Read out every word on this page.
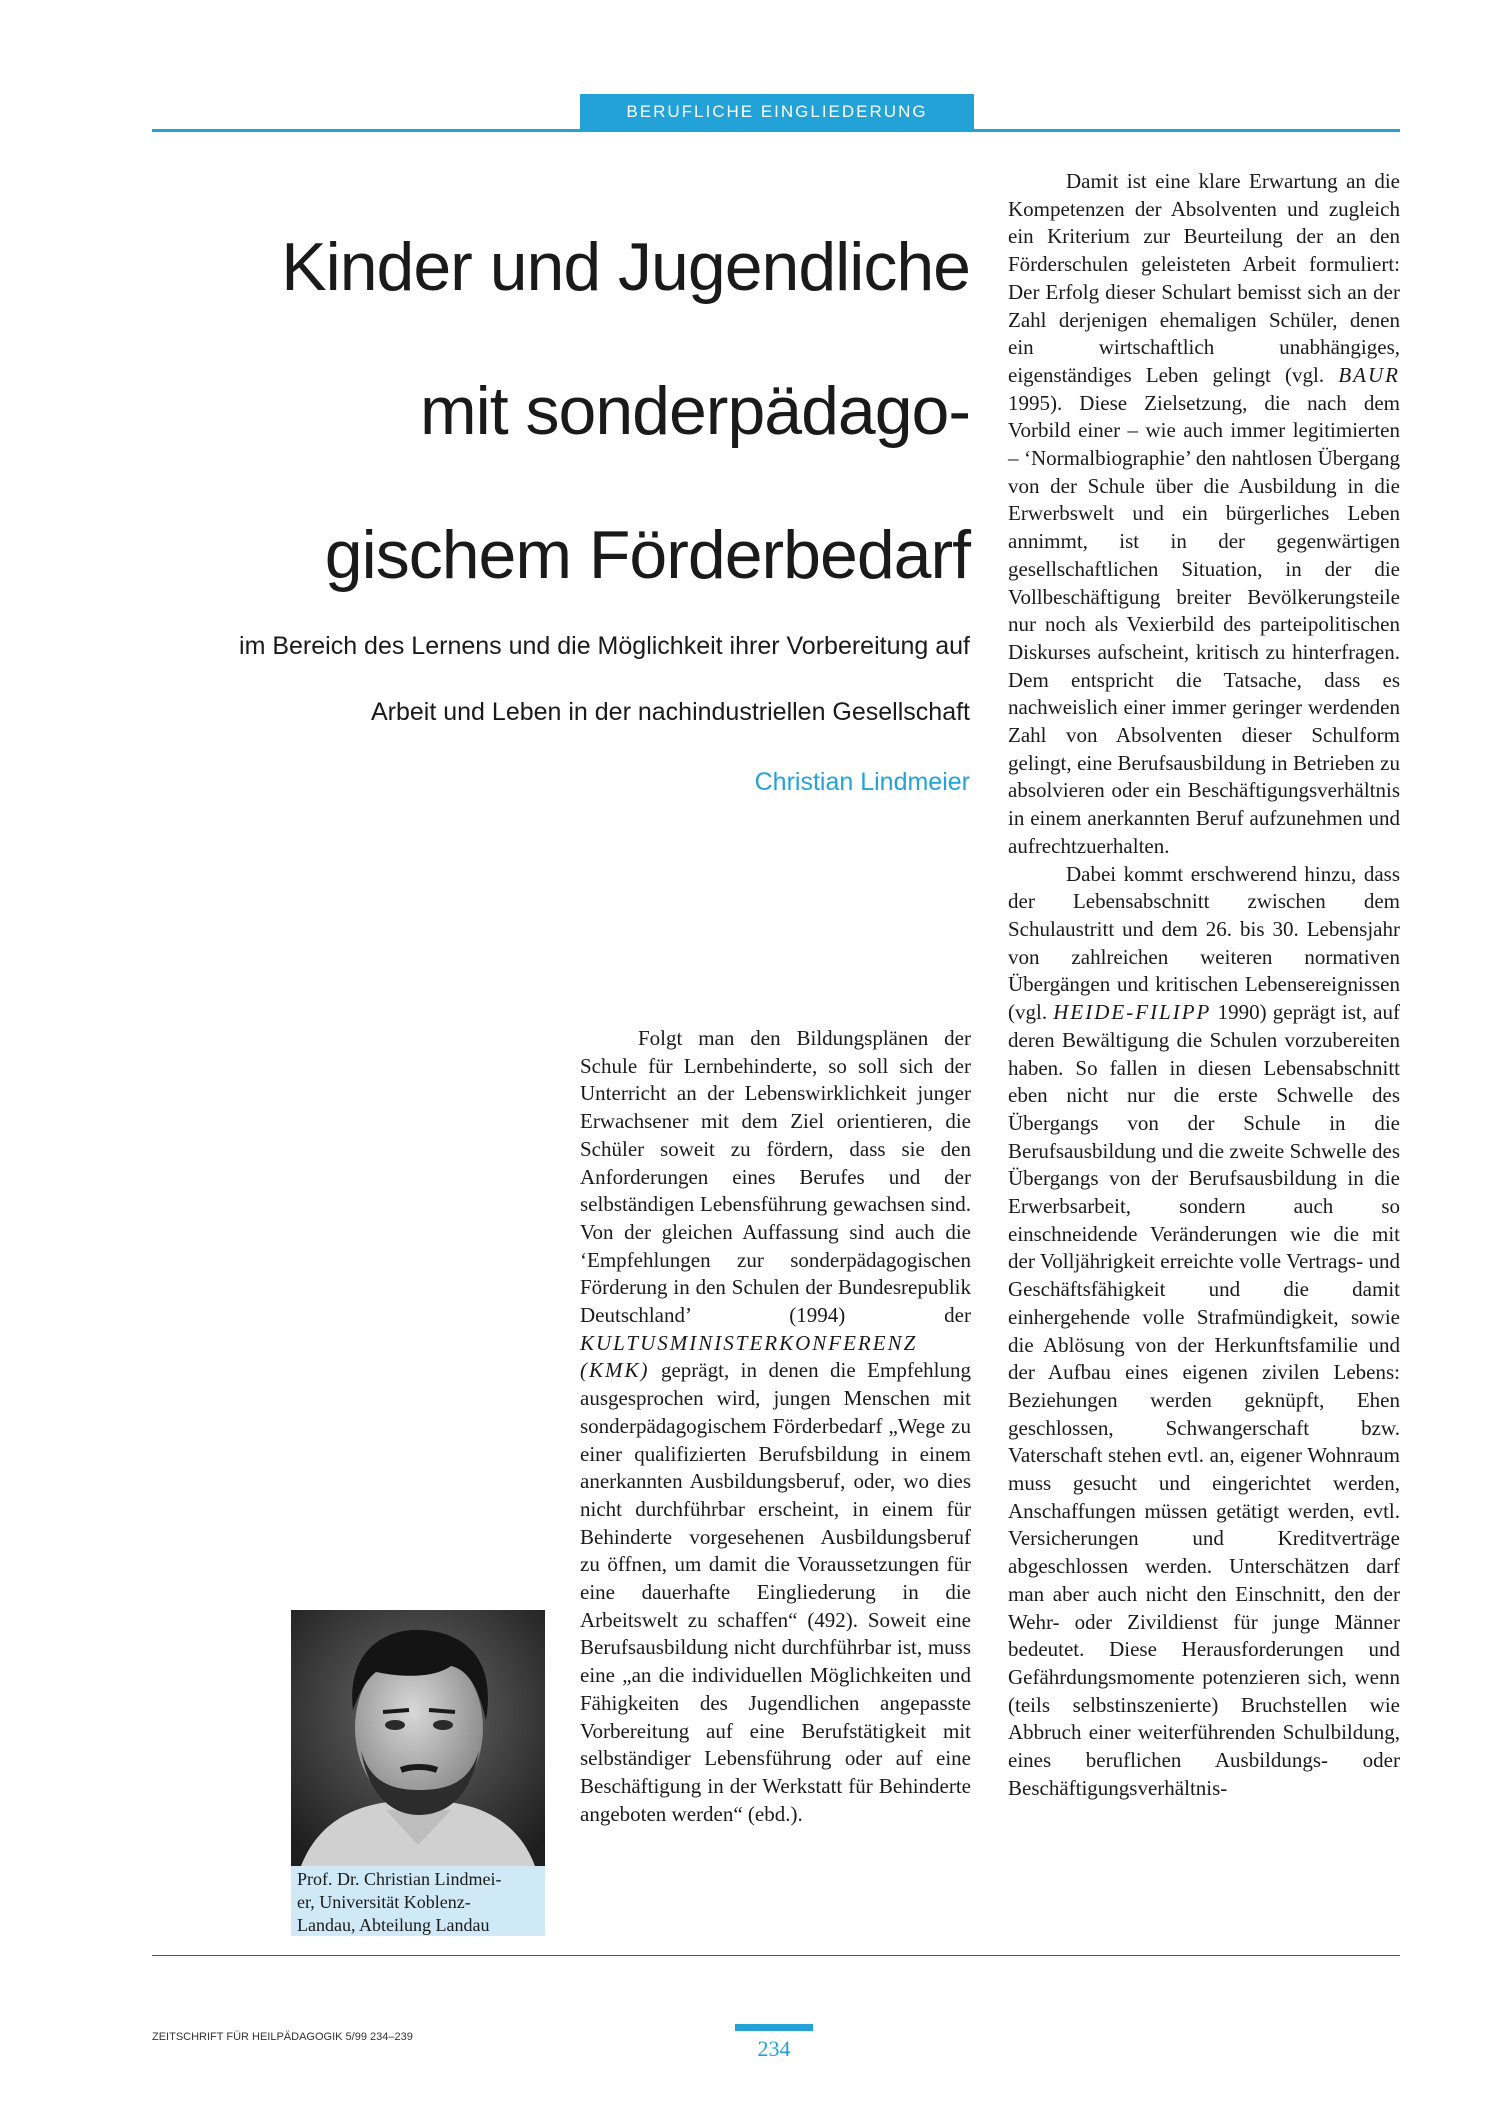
BERUFLICHE EINGLIEDERUNG
Kinder und Jugendliche
mit sonderpädago-
gischem Förderbedarf

im Bereich des Lernens und die Möglichkeit ihrer Vorbereitung auf
Arbeit und Leben in der nachindustriellen Gesellschaft

Christian Lindmeier
Prof. Dr. Christian Lindmei-
er, Universität Koblenz-
Landau, Abteilung Landau

Folgt man den Bildungsplänen der Schule für Lernbehinderte, so soll sich der Unterricht an der Lebenswirklichkeit junger Erwachsener mit dem Ziel orientieren, die Schüler soweit zu fördern, dass sie den Anforderungen eines Berufes und der selbständigen Lebensführung gewachsen sind. Von der gleichen Auffassung sind auch die ‘Empfehlungen zur sonderpädagogischen Förderung in den Schulen der Bundesrepublik Deutschland’ (1994) der KULTUSMINISTERKONFERENZ (KMK) geprägt, in denen die Empfehlung ausgesprochen wird, jungen Menschen mit sonderpädagogischem Förderbedarf „Wege zu einer qualifizierten Berufsbildung in einem anerkannten Ausbildungsberuf, oder, wo dies nicht durchführbar erscheint, in einem für Behinderte vorgesehenen Ausbildungsberuf zu öffnen, um damit die Voraussetzungen für eine dauerhafte Eingliederung in die Arbeitswelt zu schaffen“ (492). Soweit eine Berufsausbildung nicht durchführbar ist, muss eine „an die individuellen Möglichkeiten und Fähigkeiten des Jugendlichen angepasste Vorbereitung auf eine Berufstätigkeit mit selbständiger Lebensführung oder auf eine Beschäftigung in der Werkstatt für Behinderte angeboten werden“ (ebd.).

Damit ist eine klare Erwartung an die Kompetenzen der Absolventen und zugleich ein Kriterium zur Beurteilung der an den Förderschulen geleisteten Arbeit formuliert: Der Erfolg dieser Schulart bemisst sich an der Zahl derjenigen ehemaligen Schüler, denen ein wirtschaftlich unabhängiges, eigenständiges Leben gelingt (vgl. BAUR 1995). Diese Zielsetzung, die nach dem Vorbild einer – wie auch immer legitimierten – ‘Normalbiographie’ den nahtlosen Übergang von der Schule über die Ausbildung in die Erwerbswelt und ein bürgerliches Leben annimmt, ist in der gegenwärtigen gesellschaftlichen Situation, in der die Vollbeschäftigung breiter Bevölkerungsteile nur noch als Vexierbild des parteipolitischen Diskurses aufscheint, kritisch zu hinterfragen. Dem entspricht die Tatsache, dass es nachweislich einer immer geringer werdenden Zahl von Absolventen dieser Schulform gelingt, eine Berufsausbildung in Betrieben zu absolvieren oder ein Beschäftigungsverhältnis in einem anerkannten Beruf aufzunehmen und aufrechtzuerhalten.

Dabei kommt erschwerend hinzu, dass der Lebensabschnitt zwischen dem Schulaustritt und dem 26. bis 30. Lebensjahr von zahlreichen weiteren normativen Übergängen und kritischen Lebensereignissen (vgl. HEIDE-FILIPP 1990) geprägt ist, auf deren Bewältigung die Schulen vorzubereiten haben. So fallen in diesen Lebensabschnitt eben nicht nur die erste Schwelle des Übergangs von der Schule in die Berufsausbildung und die zweite Schwelle des Übergangs von der Berufsausbildung in die Erwerbsarbeit, sondern auch so einschneidende Veränderungen wie die mit der Volljährigkeit erreichte volle Vertrags- und Geschäftsfähigkeit und die damit einhergehende volle Strafmündigkeit, sowie die Ablösung von der Herkunftsfamilie und der Aufbau eines eigenen zivilen Lebens: Beziehungen werden geknüpft, Ehen geschlossen, Schwangerschaft bzw. Vaterschaft stehen evtl. an, eigener Wohnraum muss gesucht und eingerichtet werden, Anschaffungen müssen getätigt werden, evtl. Versicherungen und Kreditverträge abgeschlossen werden. Unterschätzen darf man aber auch nicht den Einschnitt, den der Wehr- oder Zivildienst für junge Männer bedeutet. Diese Herausforderungen und Gefährdungsmomente potenzieren sich, wenn (teils selbstinszenierte) Bruchstellen wie Abbruch einer weiterführenden Schulbildung, eines beruflichen Ausbildungs- oder Beschäftigungsverhältnis-

ZEITSCHRIFT FÜR HEILPÄDAGOGIK 5/99 234–239	234
